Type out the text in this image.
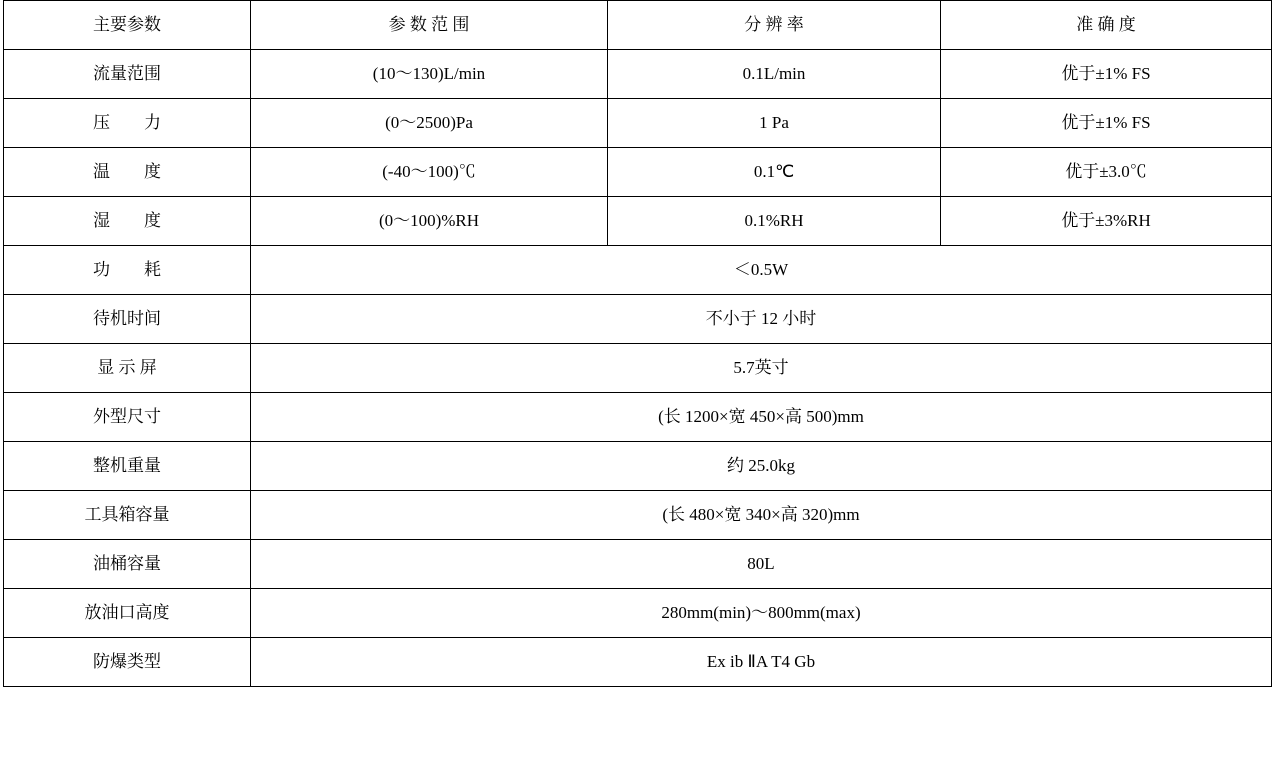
主要参数	参 数 范 围	分 辨 率	准 确 度
流量范围	(10～130)L/min	0.1L/min	优于±1% FS
压　　力	(0～2500)Pa	1 Pa	优于±1% FS
温　　度	(-40～100)℃	0.1℃	优于±3.0℃
湿　　度	(0～100)%RH	0.1%RH	优于±3%RH
功　　耗	＜0.5W		
待机时间	不小于 12 小时		
显 示 屏	5.7英寸		
外型尺寸	(长 1200×宽 450×高 500)mm		
整机重量	约 25.0kg		
工具箱容量	(长 480×宽 340×高 320)mm		
油桶容量	80L		
放油口高度	280mm(min)～800mm(max)		
防爆类型	Ex ib ⅡA T4 Gb		
